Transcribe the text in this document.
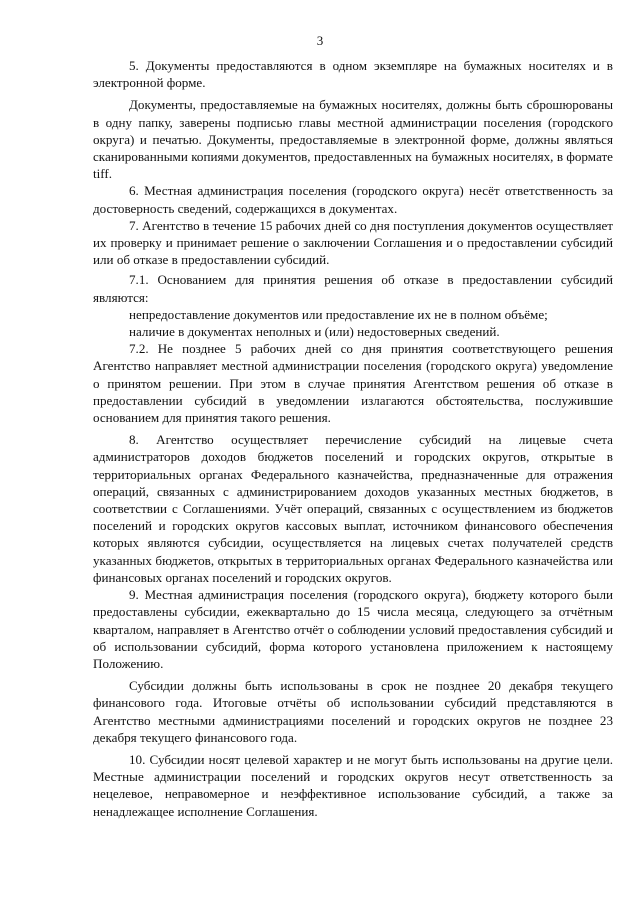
3

5. Документы предоставляются в одном экземпляре на бумажных носителях и в электронной форме.

Документы, предоставляемые на бумажных носителях, должны быть сброшюрованы в одну папку, заверены подписью главы местной администрации поселения (городского округа) и печатью. Документы, предоставляемые в электронной форме, должны являться сканированными копиями документов, предоставленных на бумажных носителях, в формате tiff.

6. Местная администрация поселения (городского округа) несёт ответственность за достоверность сведений, содержащихся в документах.

7. Агентство в течение 15 рабочих дней со дня поступления документов осуществляет их проверку и принимает решение о заключении Соглашения и о предоставлении субсидий или об отказе в предоставлении субсидий.

7.1. Основанием для принятия решения об отказе в предоставлении субсидий являются:

непредоставление документов или предоставление их не в полном объёме;

наличие в документах неполных и (или) недостоверных сведений.

7.2. Не позднее 5 рабочих дней со дня принятия соответствующего решения Агентство направляет местной администрации поселения (городского округа) уведомление о принятом решении. При этом в случае принятия Агентством решения об отказе в предоставлении субсидий в уведомлении излагаются обстоятельства, послужившие основанием для принятия такого решения.

8. Агентство осуществляет перечисление субсидий на лицевые счета администраторов доходов бюджетов поселений и городских округов, открытые в территориальных органах Федерального казначейства, предназначенные для отражения операций, связанных с администрированием доходов указанных местных бюджетов, в соответствии с Соглашениями. Учёт операций, связанных с осуществлением из бюджетов поселений и городских округов кассовых выплат, источником финансового обеспечения которых являются субсидии, осуществляется на лицевых счетах получателей средств указанных бюджетов, открытых в территориальных органах Федерального казначейства или финансовых органах поселений и городских округов.

9. Местная администрация поселения (городского округа), бюджету которого были предоставлены субсидии, ежеквартально до 15 числа месяца, следующего за отчётным кварталом, направляет в Агентство отчёт о соблюдении условий предоставления субсидий и об использовании субсидий, форма которого установлена приложением к настоящему Положению.

Субсидии должны быть использованы в срок не позднее 20 декабря текущего финансового года. Итоговые отчёты об использовании субсидий представляются в Агентство местными администрациями поселений и городских округов не позднее 23 декабря текущего финансового года.

10. Субсидии носят целевой характер и не могут быть использованы на другие цели. Местные администрации поселений и городских округов несут ответственность за нецелевое, неправомерное и неэффективное использование субсидий, а также за ненадлежащее исполнение Соглашения.
